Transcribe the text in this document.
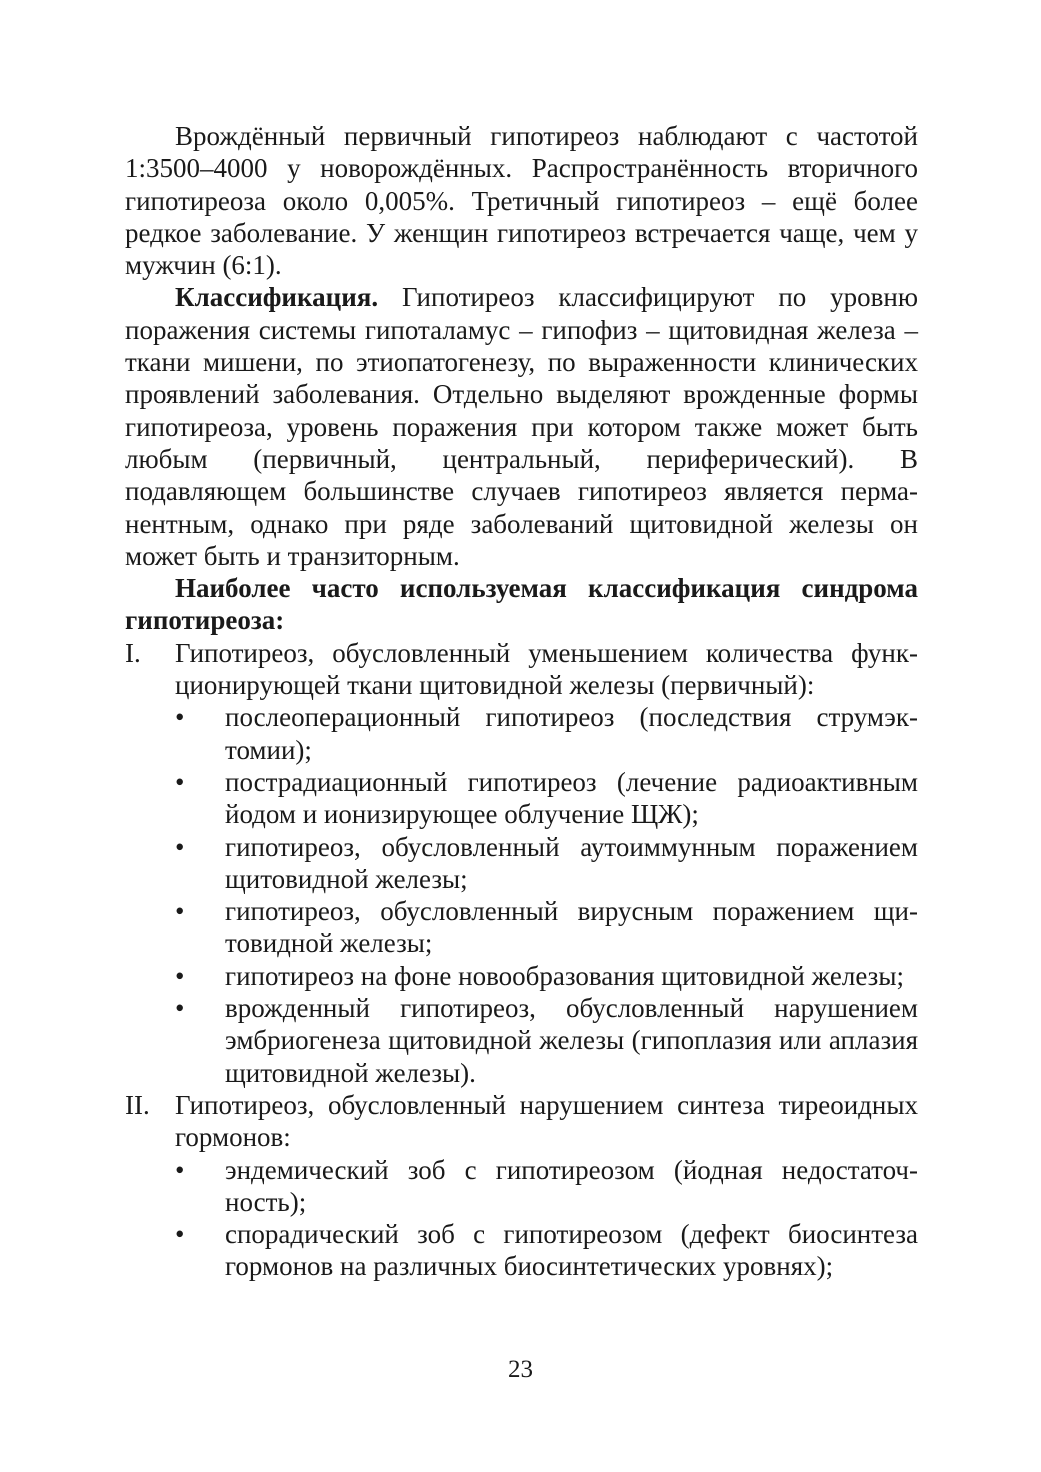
Врождённый первичный гипотиреоз наблюдают с частотой 1:3500–4000 у новорождённых. Распространённость вторичного гипотиреоза около 0,005%. Третичный гипотиреоз – ещё более редкое заболевание. У женщин гипотиреоз встречается чаще, чем у мужчин (6:1).

Классификация. Гипотиреоз классифицируют по уровню поражения системы гипоталамус – гипофиз – щитовидная железа – ткани мишени, по этиопатогенезу, по выраженности клинических проявлений заболевания. Отдельно выделяют врожденные формы гипотиреоза, уровень поражения при котором также может быть любым (первичный, центральный, периферический). В подавляющем большинстве случаев гипотиреоз является перманентным, однако при ряде заболеваний щитовидной железы он может быть и транзиторным.

Наиболее часто используемая классификация синдрома гипотиреоза:
I. Гипотиреоз, обусловленный уменьшением количества функционирующей ткани щитовидной железы (первичный):
• послеоперационный гипотиреоз (последствия струмэктомии);
• пострадиационный гипотиреоз (лечение радиоактивным йодом и ионизирующее облучение ЩЖ);
• гипотиреоз, обусловленный аутоиммунным поражением щитовидной железы;
• гипотиреоз, обусловленный вирусным поражением щитовидной железы;
• гипотиреоз на фоне новообразования щитовидной железы;
• врожденный гипотиреоз, обусловленный нарушением эмбриогенеза щитовидной железы (гипоплазия или аплазия щитовидной железы).
II. Гипотиреоз, обусловленный нарушением синтеза тиреоидных гормонов:
• эндемический зоб с гипотиреозом (йодная недостаточность);
• спорадический зоб с гипотиреозом (дефект биосинтеза гормонов на различных биосинтетических уровнях);
23
